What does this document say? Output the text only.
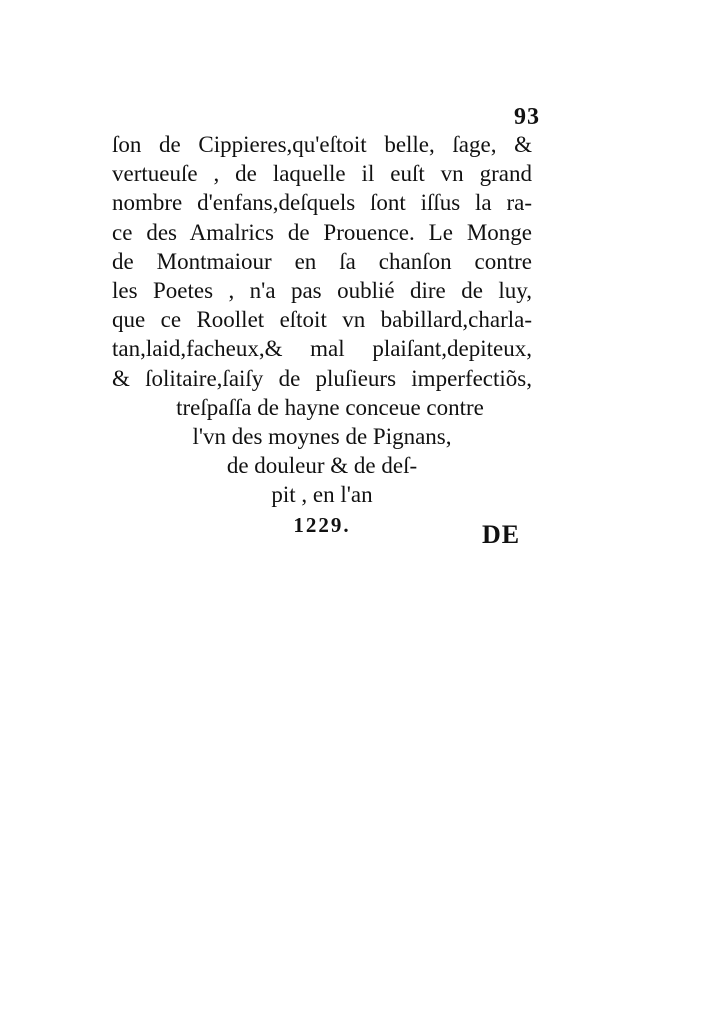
93
ſon de Cippieres,qu'eſtoit belle, ſage, &
vertueuſe , de laquelle il euſt vn grand
nombre d'enfans,deſquels ſont iſſus la ra-
ce des Amalrics de Prouence. Le Monge
de Montmaiour en ſa chanſon contre
les Poetes , n'a pas oublié dire de luy,
que ce Roollet eſtoit vn babillard,charla-
tan,laid,facheux,& mal plaiſant,depiteux,
& ſolitaire,ſaiſy de pluſieurs imperfectiõs,
treſpaſſa de hayne conceue contre
l'vn des moynes de Pignans,
de douleur & de deſ-
pit , en l'an
1229.	DE
